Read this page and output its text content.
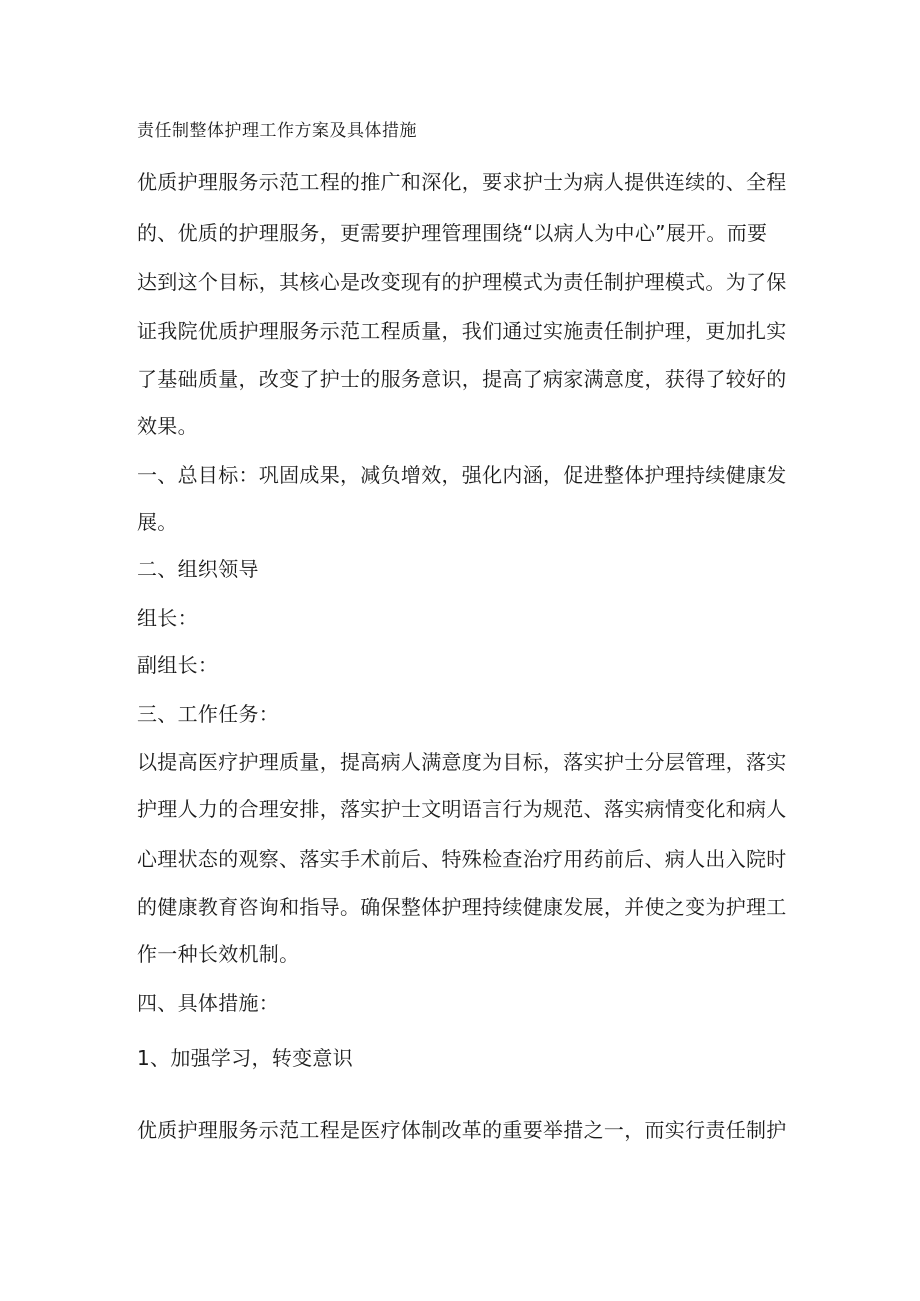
责任制整体护理工作方案及具体措施
优质护理服务示范工程的推广和深化，要求护士为病人提供连续的、全程
的、优质的护理服务，更需要护理管理围绕“以病人为中心”展开。而要
达到这个目标，其核心是改变现有的护理模式为责任制护理模式。为了保
证我院优质护理服务示范工程质量，我们通过实施责任制护理，更加扎实
了基础质量，改变了护士的服务意识，提高了病家满意度，获得了较好的
效果。
一、总目标：巩固成果，减负增效，强化内涵，促进整体护理持续健康发
展。
二、组织领导
组长：
副组长：
三、工作任务：
以提高医疗护理质量，提高病人满意度为目标，落实护士分层管理，落实
护理人力的合理安排，落实护士文明语言行为规范、落实病情变化和病人
心理状态的观察、落实手术前后、特殊检查治疗用药前后、病人出入院时
的健康教育咨询和指导。确保整体护理持续健康发展，并使之变为护理工
作一种长效机制。
四、具体措施：
1、加强学习，转变意识
优质护理服务示范工程是医疗体制改革的重要举措之一，而实行责任制护
